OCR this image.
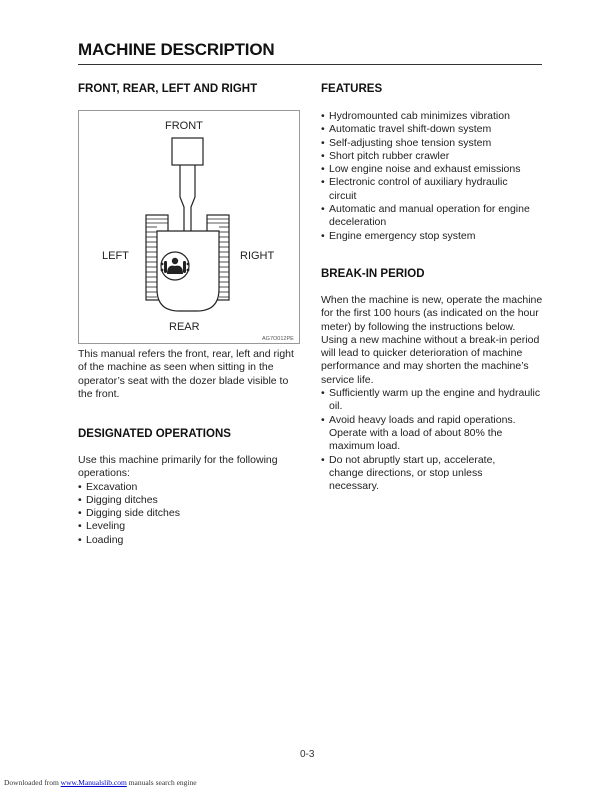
MACHINE DESCRIPTION
FRONT, REAR, LEFT AND RIGHT
FRONT
LEFT	RIGHT
REAR
AG7O012PE
This manual refers the front, rear, left and right of the machine as seen when sitting in the operator’s seat with the dozer blade visible to the front.
DESIGNATED OPERATIONS

Use this machine primarily for the following operations:

• Excavation
• Digging ditches
• Digging side ditches
• Leveling
• Loading
FEATURES
• Hydromounted cab minimizes vibration
• Automatic travel shift-down system
• Self-adjusting shoe tension system
• Short pitch rubber crawler
• Low engine noise and exhaust emissions
• Electronic control of auxiliary hydraulic circuit
• Automatic and manual operation for engine deceleration
• Engine emergency stop system
BREAK-IN PERIOD

When the machine is new, operate the machine for the first 100 hours (as indicated on the hour meter) by following the instructions below.

Using a new machine without a break-in period will lead to quicker deterioration of machine performance and may shorten the machine’s service life.

• Sufficiently warm up the engine and hydraulic oil.
• Avoid heavy loads and rapid operations. Operate with a load of about 80% the maximum load.
• Do not abruptly start up, accelerate, change directions, or stop unless necessary.
0-3
Downloaded from www.Manualslib.com manuals search engine
